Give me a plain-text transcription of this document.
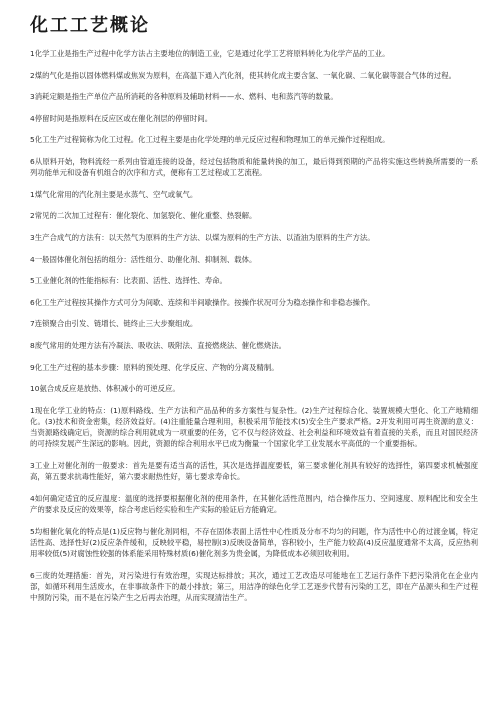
化工工艺概论

1化学工业是指生产过程中化学方法占主要地位的制造工业，它是通过化学工艺将原料转化为化学产品的工业。

2煤的气化是指以固体燃料煤或焦炭为原料，在高温下通入汽化剂，使其转化成主要含氢、一氧化碳、二氧化碳等混合气体的过程。

3消耗定额是指生产单位产品所消耗的各种原料及辅助材料——水、燃料、电和蒸汽等的数量。

4停留时间是指原料在反应区或在催化剂层的停留时间。

5化工生产过程简称为化工过程。化工过程主要是由化学处理的单元反应过程和物理加工的单元操作过程组成。

6从原料开始，物料流经一系列由管道连接的设备，经过包括物质和能量转换的加工，最后得到预期的产品将实施这些转换所需要的一系列功能单元和设备有机组合的次序和方式，便称有工艺过程或工艺流程。

1煤气化常用的汽化剂主要是水蒸气、空气或氧气。

2常见的二次加工过程有：催化裂化、加氢裂化、催化重整、热裂解。

3生产合成气的方法有：以天然气为原料的生产方法、以煤为原料的生产方法、以渣油为原料的生产方法。

4一般固体催化剂包括的组分：活性组分、助催化剂、抑制剂、载体。

5工业催化剂的性能指标有：比表面、活性、选择性、寿命。

6化工生产过程按其操作方式可分为间歇、连续和半间歇操作。按操作状况可分为稳态操作和非稳态操作。

7连锁聚合由引发、链增长、链终止三大步聚组成。

8废气常用的处理方法有冷凝法、吸收法、吸附法、直接燃烧法、催化燃烧法。

9化工生产过程的基本步骤：原料的预处理、化学反应、产物的分离及精制。

10氨合成反应是放热、体积减小的可逆反应。

1现在化学工业的特点：(1)原料路线、生产方法和产品品种的多方案性与复杂性。(2)生产过程综合化、装置规模大型化、化工产地精细化。(3)技术和资金密集，经济效益好。(4)注重能量合理利用，积极采用节能技术(5)安全生产要求严格。2开发利用可再生资源的意义：当资源路线确定后，资源的综合利用就成为一项重要的任务，它不仅与经济效益、社会利益和环境效益有着直接的关系，而且对国民经济的可持续发展产生深远的影响。因此，资源的综合利用水平已成为衡量一个国家化学工业发展水平高低的一个重要指标。

3工业上对催化剂的一般要求：首先是要有适当高的活性，其次是选择温度要低，第三要求催化剂具有较好的选择性，第四要求机械强度高，第五要求抗毒性能好，第六要求耐热性好，第七要求寿命长。

4如何确定适宜的反应温度：温度的选择要根据催化剂的使用条件，在其催化活性范围内，结合操作压力、空间速度、原料配比和安全生产的要求及反应的效果等，综合考虑后经实验和生产实际的验证后方能确定。

5均相催化氧化的特点是(1)反应物与催化剂同相，不存在固体表面上活性中心性质及分布不均匀的问题，作为活性中心的过渡金属，特定活性高、选择性好(2)反应条件缓和，反映较平稳，易控制(3)反映设备简单，容积较小，生产能力较高(4)反应温度通常不太高，反应热利用率较低(5)对腐蚀性较强的体系能采用特殊材质(6)催化剂多为贵金属，为降低成本必须回收利用。

6三废的处理措施：首先，对污染进行有效治理，实现达标排放；其次，通过工艺改造尽可能地在工艺运行条件下把污染消化在企业内部，如循环利用生活废水，在非事故条件下的最小排放；第三，用洁净的绿色化学工艺逐步代替有污染的工艺，即在产品源头和生产过程中预防污染，而不是在污染产生之后再去治理，从而实现清洁生产。
